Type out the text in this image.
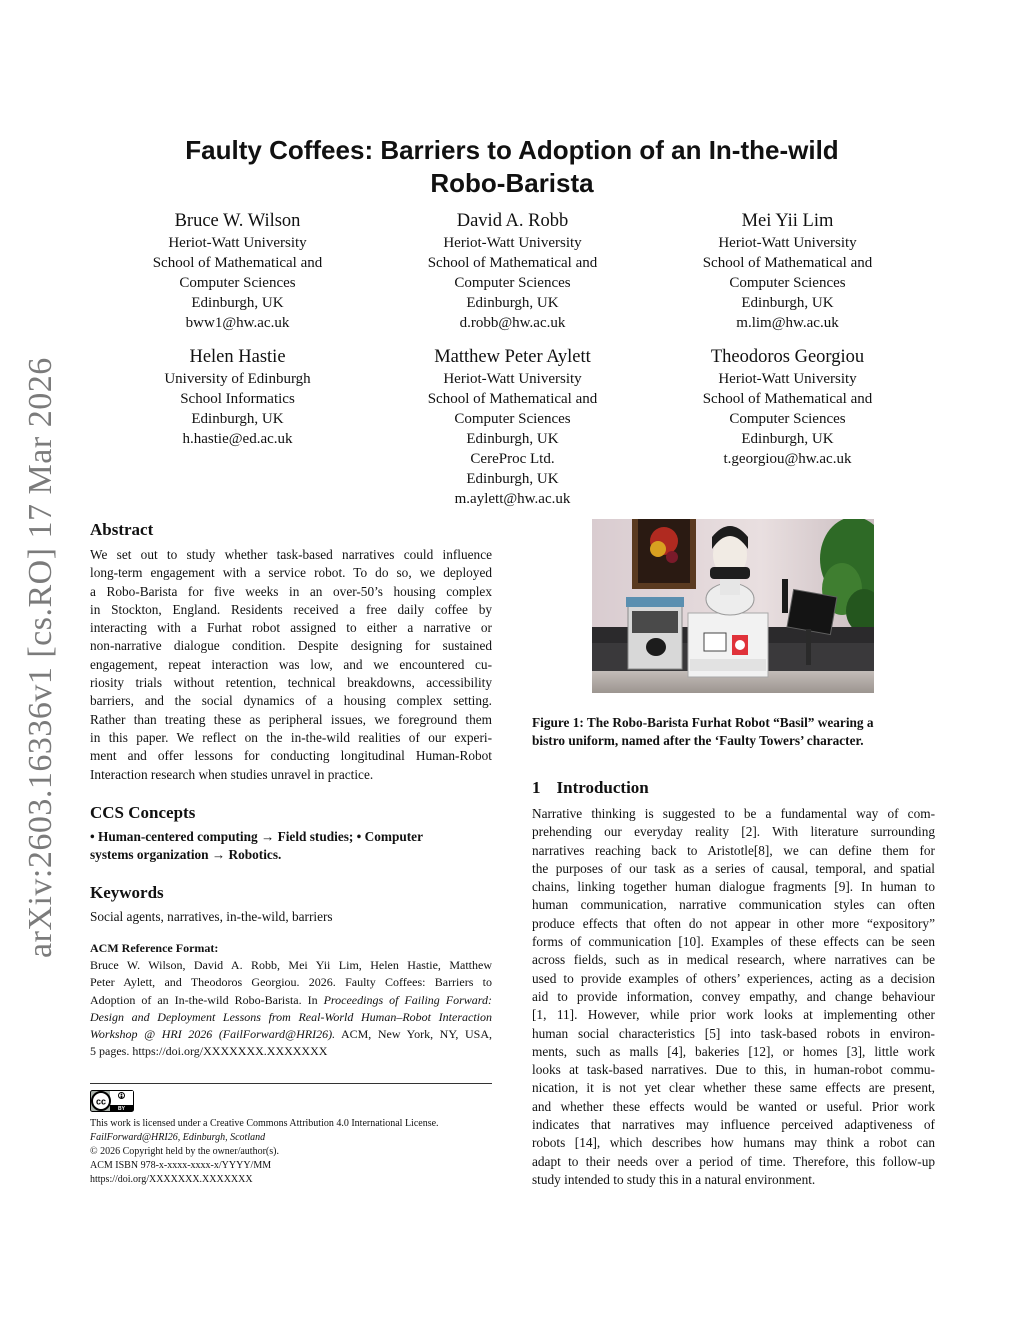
arXiv:2603.16336v1 [cs.RO] 17 Mar 2026
Faulty Coffees: Barriers to Adoption of an In-the-wild
Robo-Barista
Bruce W. Wilson
Heriot-Watt University
School of Mathematical and
Computer Sciences
Edinburgh, UK
bww1@hw.ac.uk
David A. Robb
Heriot-Watt University
School of Mathematical and
Computer Sciences
Edinburgh, UK
d.robb@hw.ac.uk
Mei Yii Lim
Heriot-Watt University
School of Mathematical and
Computer Sciences
Edinburgh, UK
m.lim@hw.ac.uk
Helen Hastie
University of Edinburgh
School Informatics
Edinburgh, UK
h.hastie@ed.ac.uk
Matthew Peter Aylett
Heriot-Watt University
School of Mathematical and
Computer Sciences
Edinburgh, UK
CereProc Ltd.
Edinburgh, UK
m.aylett@hw.ac.uk
Theodoros Georgiou
Heriot-Watt University
School of Mathematical and
Computer Sciences
Edinburgh, UK
t.georgiou@hw.ac.uk
Abstract
We set out to study whether task-based narratives could influence
long-term engagement with a service robot. To do so, we deployed
a Robo-Barista for five weeks in an over-50’s housing complex
in Stockton, England. Residents received a free daily coffee by
interacting with a Furhat robot assigned to either a narrative or
non-narrative dialogue condition. Despite designing for sustained
engagement, repeat interaction was low, and we encountered cu-
riosity trials without retention, technical breakdowns, accessibility
barriers, and the social dynamics of a housing complex setting.
Rather than treating these as peripheral issues, we foreground them
in this paper. We reflect on the in-the-wild realities of our experi-
ment and offer lessons for conducting longitudinal Human-Robot
Interaction research when studies unravel in practice.
CCS Concepts
• Human-centered computing → Field studies; • Computer
systems organization → Robotics.
Keywords
Social agents, narratives, in-the-wild, barriers
ACM Reference Format:
Bruce W. Wilson, David A. Robb, Mei Yii Lim, Helen Hastie, Matthew
Peter Aylett, and Theodoros Georgiou. 2026. Faulty Coffees: Barriers to
Adoption of an In-the-wild Robo-Barista. In Proceedings of Failing Forward:
Design and Deployment Lessons from Real-World Human–Robot Interaction
Workshop @ HRI 2026 (FailForward@HRI26). ACM, New York, NY, USA,
5 pages. https://doi.org/XXXXXXX.XXXXXXX
cc
BY
This work is licensed under a Creative Commons Attribution 4.0 International License.
FailForward@HRI26, Edinburgh, Scotland
© 2026 Copyright held by the owner/author(s).
ACM ISBN 978-x-xxxx-xxxx-x/YYYY/MM
https://doi.org/XXXXXXX.XXXXXXX
Figure 1: The Robo-Barista Furhat Robot “Basil” wearing a
bistro uniform, named after the ‘Faulty Towers’ character.
1 Introduction
Narrative thinking is suggested to be a fundamental way of com-
prehending our everyday reality [2]. With literature surrounding
narratives reaching back to Aristotle[8], we can define them for
the purposes of our task as a series of causal, temporal, and spatial
chains, linking together human dialogue fragments [9]. In human to
human communication, narrative communication styles can often
produce effects that often do not appear in other more “expository”
forms of communication [10]. Examples of these effects can be seen
across fields, such as in medical research, where narratives can be
used to provide examples of others’ experiences, acting as a decision
aid to provide information, convey empathy, and change behaviour
[1, 11]. However, while prior work looks at implementing other
human social characteristics [5] into task-based robots in environ-
ments, such as malls [4], bakeries [12], or homes [3], little work
looks at task-based narratives. Due to this, in human-robot commu-
nication, it is not yet clear whether these same effects are present,
and whether these effects would be wanted or useful. Prior work
indicates that narratives may influence perceived adaptiveness of
robots [14], which describes how humans may think a robot can
adapt to their needs over a period of time. Therefore, this follow-up
study intended to study this in a natural environment.
